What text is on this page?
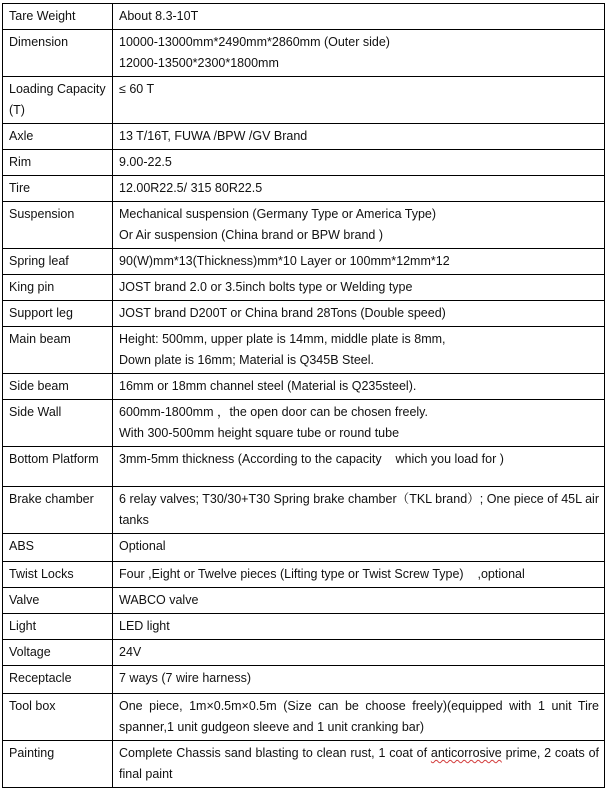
Tare Weight	About 8.3-10T

Dimension	10000-13000mm*2490mm*2860mm (Outer side)
12000-13500*2300*1800mm

Loading Capacity (T)	≤ 60 T

Axle	13 T/16T, FUWA /BPW /GV Brand

Rim	9.00-22.5

Tire	12.00R22.5/ 315 80R22.5

Suspension	Mechanical suspension (Germany Type or America Type)
Or Air suspension (China brand or BPW brand )

Spring leaf	90(W)mm*13(Thickness)mm*10 Layer or 100mm*12mm*12

King pin	JOST brand 2.0 or 3.5inch bolts type or Welding type

Support leg	JOST brand D200T or China brand 28Tons (Double speed)

Main beam	Height: 500mm, upper plate is 14mm, middle plate is 8mm,
Down plate is 16mm; Material is Q345B Steel.

Side beam	16mm or 18mm channel steel (Material is Q235steel).

Side Wall	600mm-1800mm ，the open door can be chosen freely.
With 300-500mm height square tube or round tube

Bottom Platform	3mm-5mm thickness (According to the capacity    which you load for )

Brake chamber	6 relay valves; T30/30+T30 Spring brake chamber（TKL brand）; One piece of 45L air tanks
ABS	Optional

Twist Locks	Four ,Eight or Twelve pieces (Lifting type or Twist Screw Type)    ,optional

Valve	WABCO valve

Light	LED light

Voltage	24V

Receptacle	7 ways (7 wire harness)

Tool box	One piece, 1m×0.5m×0.5m (Size can be choose freely)(equipped with 1 unit Tire spanner,1 unit gudgeon sleeve and 1 unit cranking bar)
Painting	Complete Chassis sand blasting to clean rust, 1 coat of anticorrosive prime, 2 coats of final paint
